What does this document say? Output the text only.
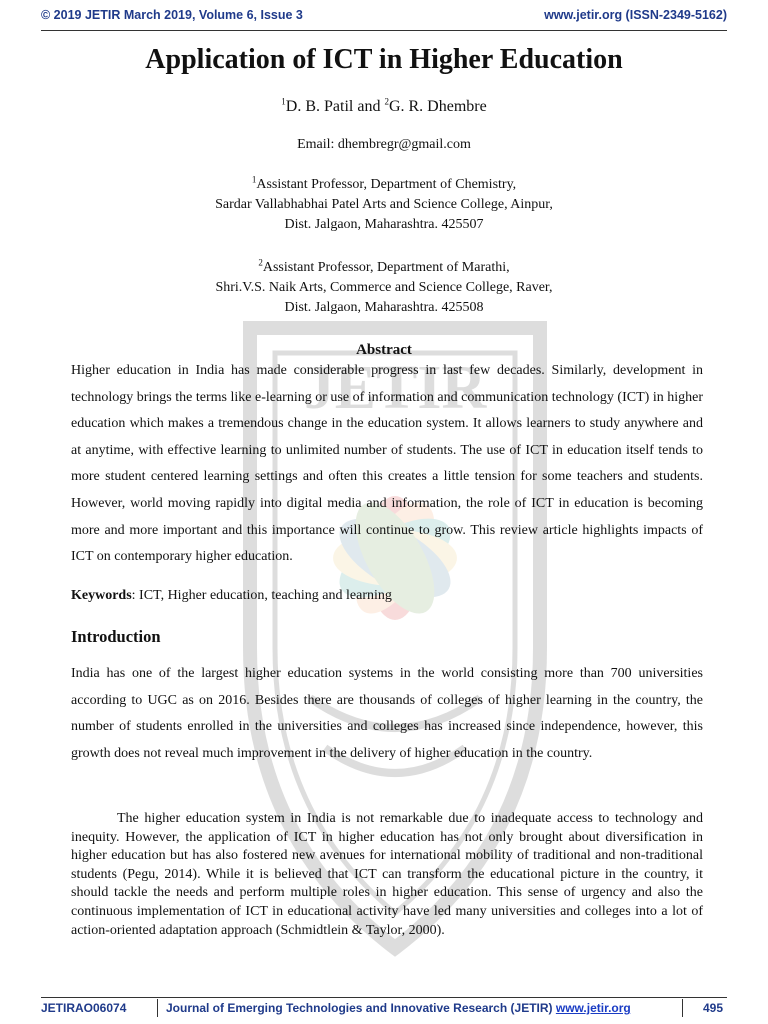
© 2019 JETIR March 2019, Volume 6, Issue 3	www.jetir.org (ISSN-2349-5162)
JETIR
Application of ICT in Higher Education
$^1$D. B. Patil and $^2$G. R. Dhembre
Email: dhembregr@gmail.com
$^1$Assistant Professor, Department of Chemistry,
Sardar Vallabhabhai Patel Arts and Science College, Ainpur,
Dist. Jalgaon, Maharashtra. 425507
$^2$Assistant Professor, Department of Marathi,
Shri.V.S. Naik Arts, Commerce and Science College, Raver,
Dist. Jalgaon, Maharashtra. 425508
Abstract
Higher education in India has made considerable progress in last few decades. Similarly, development in technology brings the terms like e-learning or use of information and communication technology (ICT) in higher education which makes a tremendous change in the education system. It allows learners to study anywhere and at anytime, with effective learning to unlimited number of students. The use of ICT in education itself tends to more student centered learning settings and often this creates a little tension for some teachers and students. However, world moving rapidly into digital media and information, the role of ICT in education is becoming more and more important and this importance will continue to grow. This review article highlights impacts of ICT on contemporary higher education.
Keywords: ICT, Higher education, teaching and learning
Introduction
India has one of the largest higher education systems in the world consisting more than 700 universities according to UGC as on 2016. Besides there are thousands of colleges of higher learning in the country, the number of students enrolled in the universities and colleges has increased since independence, however, this growth does not reveal much improvement in the delivery of higher education in the country.
The higher education system in India is not remarkable due to inadequate access to technology and inequity. However, the application of ICT in higher education has not only brought about diversification in higher education but has also fostered new avenues for international mobility of traditional and non-traditional students (Pegu, 2014). While it is believed that ICT can transform the educational picture in the country, it should tackle the needs and perform multiple roles in higher education. This sense of urgency and also the continuous implementation of ICT in educational activity have led many universities and colleges into a lot of action-oriented adaptation approach (Schmidtlein & Taylor, 2000).
JETIRAO06074	Journal of Emerging Technologies and Innovative Research (JETIR) www.jetir.org	495
